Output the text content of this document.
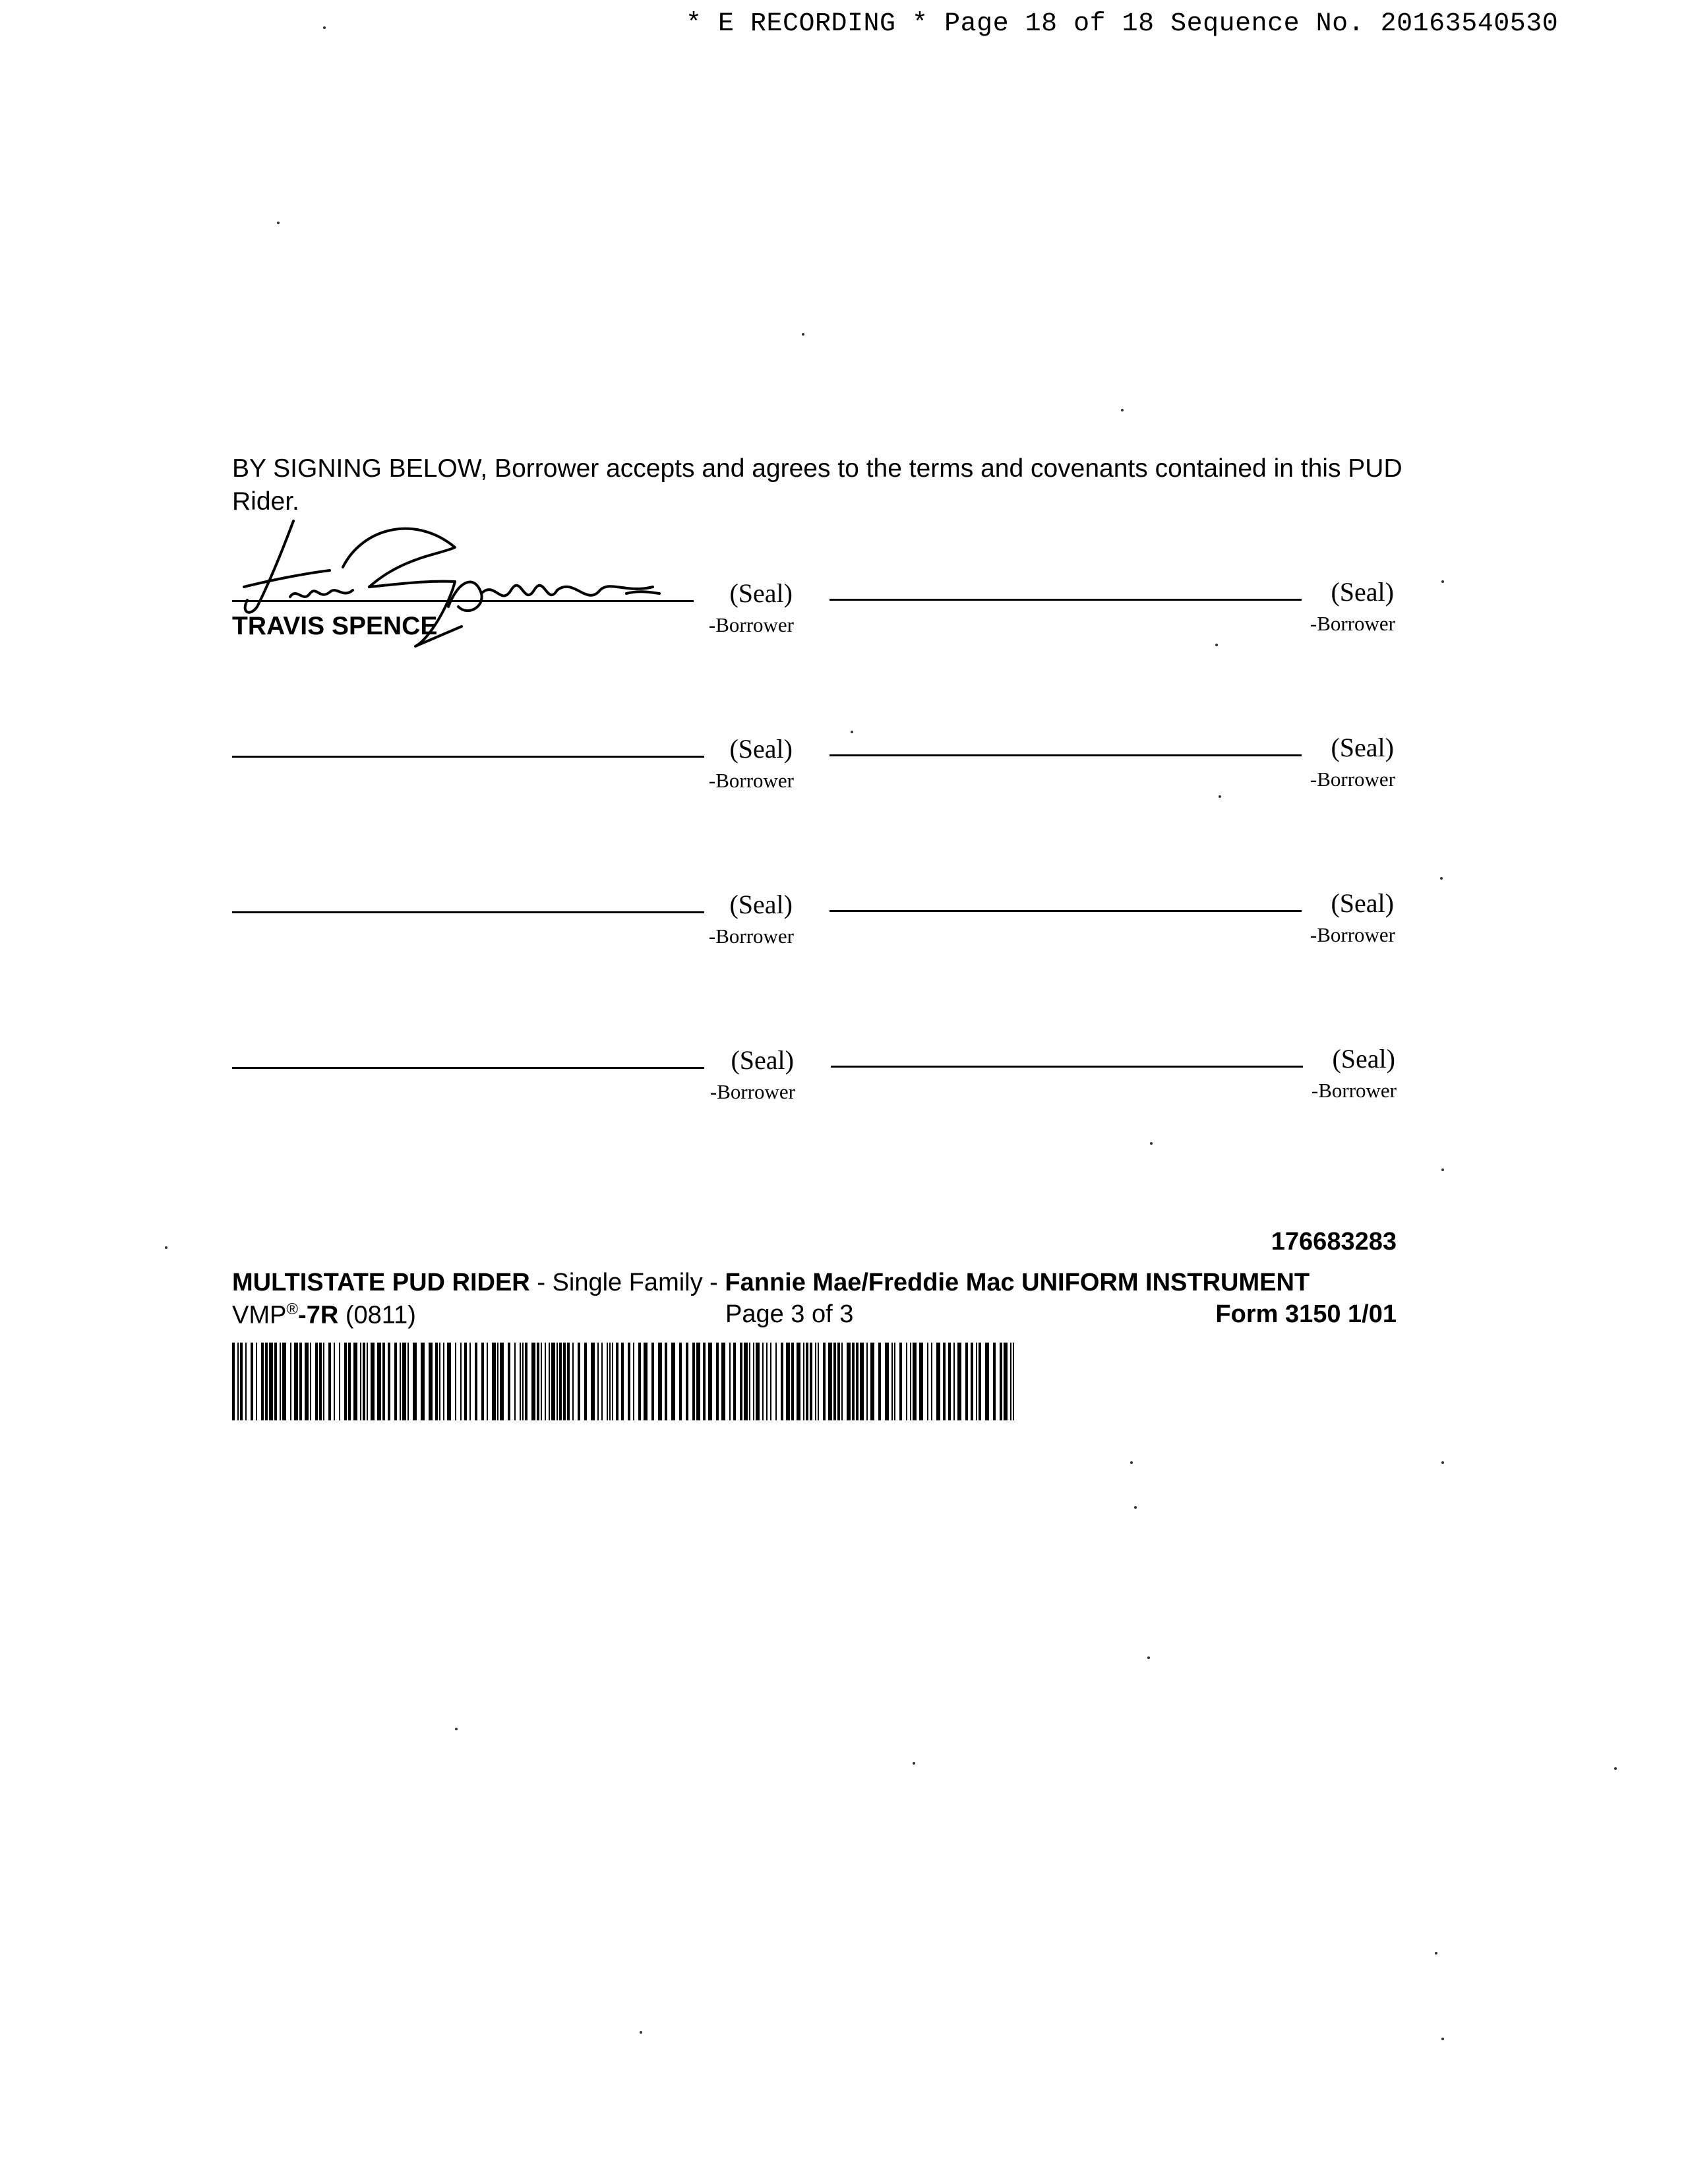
* E RECORDING * Page 18 of 18 Sequence No. 20163540530
BY SIGNING BELOW, Borrower accepts and agrees to the terms and covenants contained in this PUD Rider.
TRAVIS SPENCE
(Seal)
-Borrower
(Seal)
-Borrower
(Seal)
-Borrower
(Seal)
-Borrower
(Seal)
-Borrower
(Seal)
-Borrower
(Seal)
-Borrower
(Seal)
-Borrower
176683283
MULTISTATE PUD RIDER - Single Family - Fannie Mae/Freddie Mac UNIFORM INSTRUMENT
VMP®-7R (0811)	Page 3 of 3	Form 3150 1/01
